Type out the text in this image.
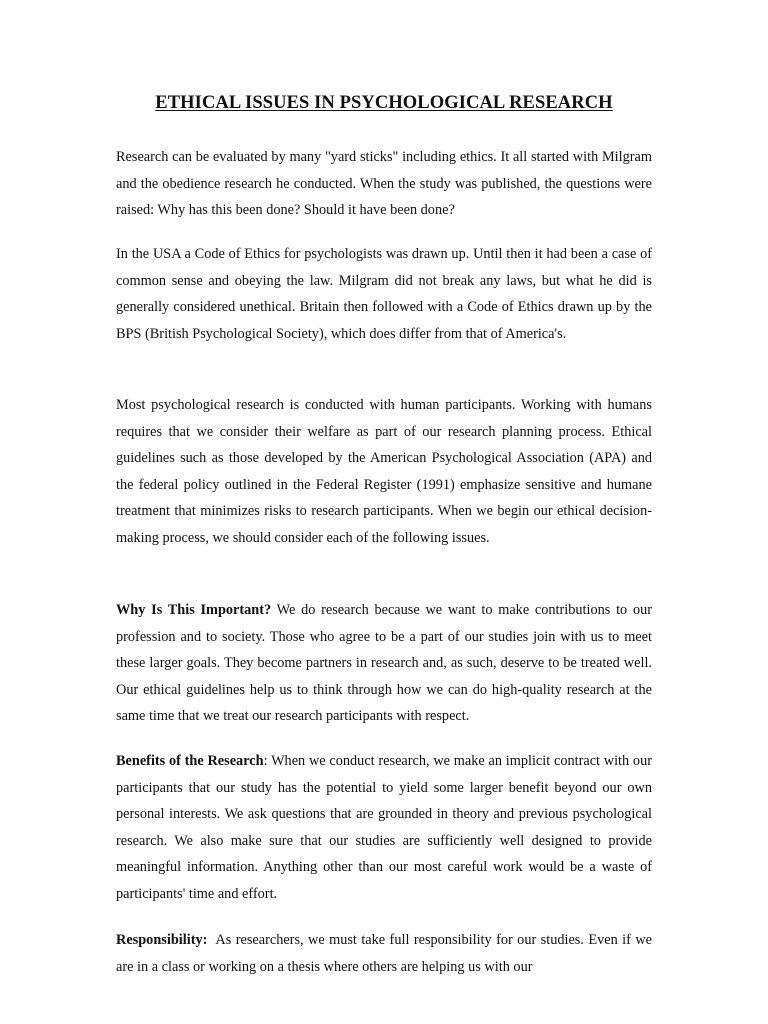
ETHICAL ISSUES IN PSYCHOLOGICAL RESEARCH

Research can be evaluated by many "yard sticks" including ethics. It all started with Milgram and the obedience research he conducted. When the study was published, the questions were raised: Why has this been done? Should it have been done?

In the USA a Code of Ethics for psychologists was drawn up. Until then it had been a case of common sense and obeying the law. Milgram did not break any laws, but what he did is generally considered unethical. Britain then followed with a Code of Ethics drawn up by the BPS (British Psychological Society), which does differ from that of America's.

Most psychological research is conducted with human participants. Working with humans requires that we consider their welfare as part of our research planning process. Ethical guidelines such as those developed by the American Psychological Association (APA) and the federal policy outlined in the Federal Register (1991) emphasize sensitive and humane treatment that minimizes risks to research participants. When we begin our ethical decision-making process, we should consider each of the following issues.

Why Is This Important? We do research because we want to make contributions to our profession and to society. Those who agree to be a part of our studies join with us to meet these larger goals. They become partners in research and, as such, deserve to be treated well. Our ethical guidelines help us to think through how we can do high-quality research at the same time that we treat our research participants with respect.

Benefits of the Research: When we conduct research, we make an implicit contract with our participants that our study has the potential to yield some larger benefit beyond our own personal interests. We ask questions that are grounded in theory and previous psychological research. We also make sure that our studies are sufficiently well designed to provide meaningful information. Anything other than our most careful work would be a waste of participants' time and effort.

Responsibility:  As researchers, we must take full responsibility for our studies. Even if we are in a class or working on a thesis where others are helping us with our
